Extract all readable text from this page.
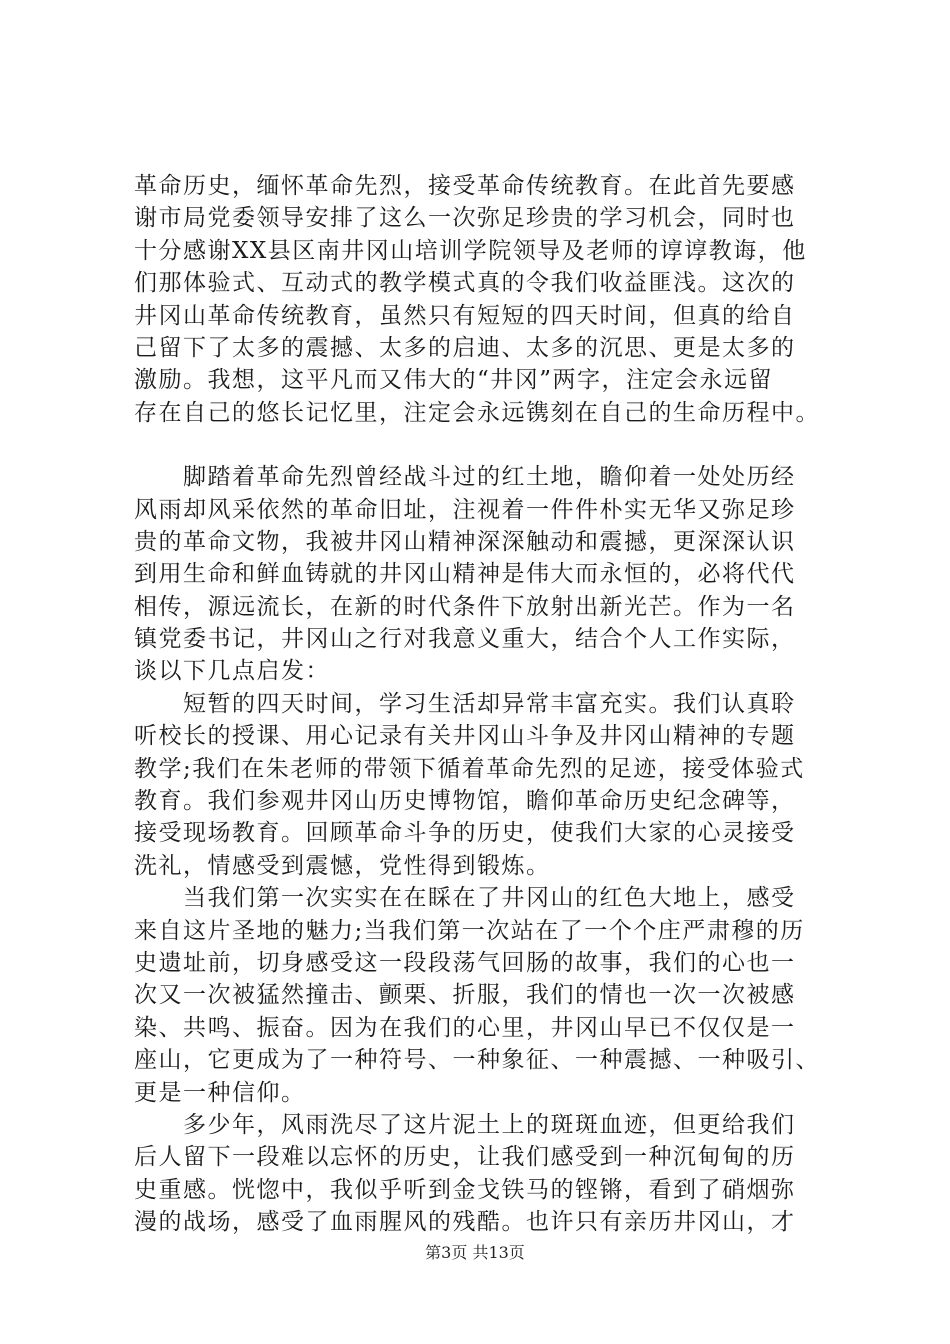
革命历史，缅怀革命先烈，接受革命传统教育。在此首先要感
谢市局党委领导安排了这么一次弥足珍贵的学习机会，同时也
十分感谢XX县区南井冈山培训学院领导及老师的谆谆教诲，他
们那体验式、互动式的教学模式真的令我们收益匪浅。这次的
井冈山革命传统教育，虽然只有短短的四天时间，但真的给自
己留下了太多的震撼、太多的启迪、太多的沉思、更是太多的
激励。我想，这平凡而又伟大的“井冈”两字，注定会永远留
存在自己的悠长记忆里，注定会永远镌刻在自己的生命历程中。
　　脚踏着革命先烈曾经战斗过的红土地，瞻仰着一处处历经
风雨却风采依然的革命旧址，注视着一件件朴实无华又弥足珍
贵的革命文物，我被井冈山精神深深触动和震撼，更深深认识
到用生命和鲜血铸就的井冈山精神是伟大而永恒的，必将代代
相传，源远流长，在新的时代条件下放射出新光芒。作为一名
镇党委书记，井冈山之行对我意义重大，结合个人工作实际，
谈以下几点启发：
　　短暂的四天时间，学习生活却异常丰富充实。我们认真聆
听校长的授课、用心记录有关井冈山斗争及井冈山精神的专题
教学;我们在朱老师的带领下循着革命先烈的足迹，接受体验式
教育。我们参观井冈山历史博物馆，瞻仰革命历史纪念碑等，
接受现场教育。回顾革命斗争的历史，使我们大家的心灵接受
洗礼，情感受到震憾，党性得到锻炼。
　　当我们第一次实实在在睬在了井冈山的红色大地上，感受
来自这片圣地的魅力;当我们第一次站在了一个个庄严肃穆的历
史遗址前，切身感受这一段段荡气回肠的故事，我们的心也一
次又一次被猛然撞击、颤栗、折服，我们的情也一次一次被感
染、共鸣、振奋。因为在我们的心里，井冈山早已不仅仅是一
座山，它更成为了一种符号、一种象征、一种震撼、一种吸引、
更是一种信仰。
　　多少年，风雨洗尽了这片泥土上的斑斑血迹，但更给我们
后人留下一段难以忘怀的历史，让我们感受到一种沉甸甸的历
史重感。恍惚中，我似乎听到金戈铁马的铿锵，看到了硝烟弥
漫的战场，感受了血雨腥风的残酷。也许只有亲历井冈山，才
第3页 共13页
